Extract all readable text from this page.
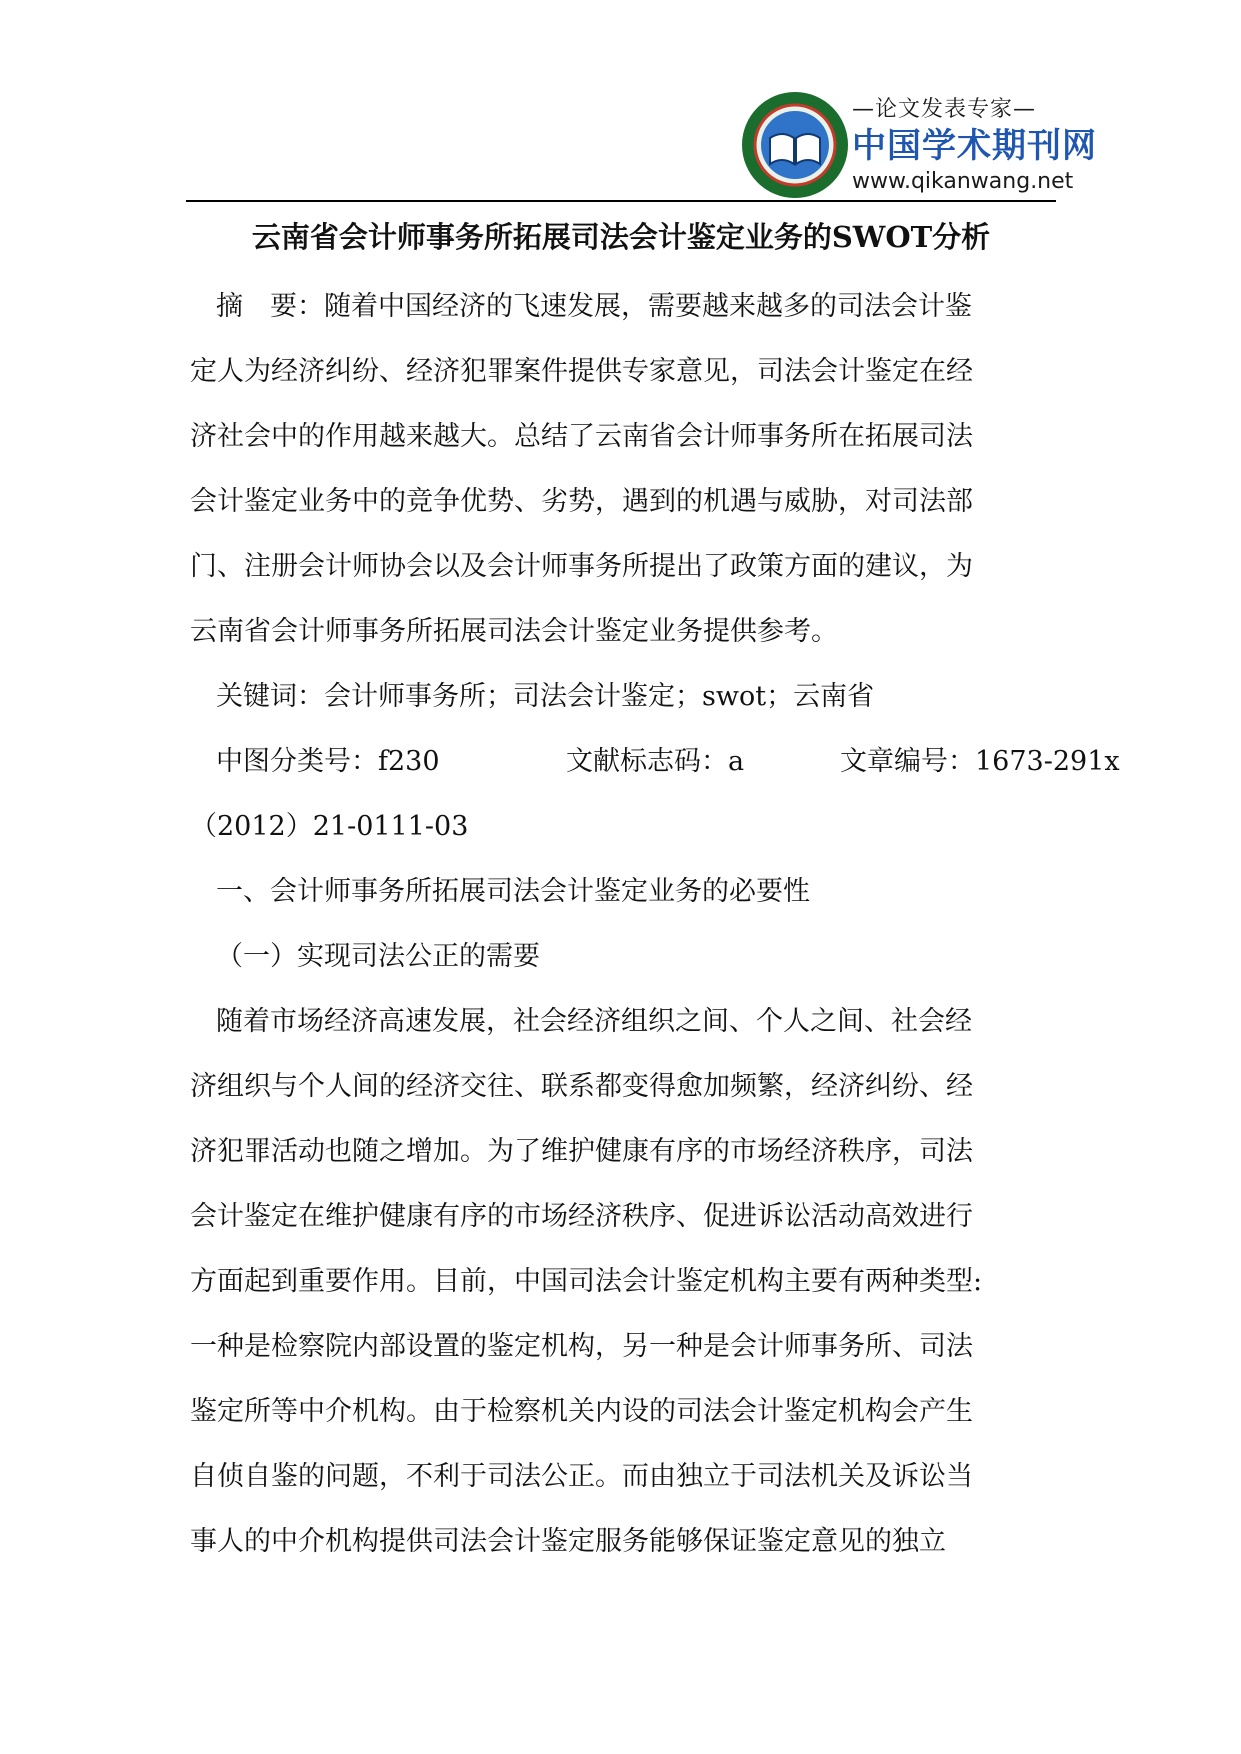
—论文发表专家—
中国学术期刊网
www.qikanwang.net
云南省会计师事务所拓展司法会计鉴定业务的SWOT分析
摘　要：随着中国经济的飞速发展，需要越来越多的司法会计鉴
定人为经济纠纷、经济犯罪案件提供专家意见，司法会计鉴定在经
济社会中的作用越来越大。总结了云南省会计师事务所在拓展司法
会计鉴定业务中的竞争优势、劣势，遇到的机遇与威胁，对司法部
门、注册会计师协会以及会计师事务所提出了政策方面的建议，为
云南省会计师事务所拓展司法会计鉴定业务提供参考。
关键词：会计师事务所；司法会计鉴定；swot；云南省
中图分类号：f230	文献标志码：a	文章编号：1673-291x
（2012）21-0111-03
一、会计师事务所拓展司法会计鉴定业务的必要性
（一）实现司法公正的需要
随着市场经济高速发展，社会经济组织之间、个人之间、社会经
济组织与个人间的经济交往、联系都变得愈加频繁，经济纠纷、经
济犯罪活动也随之增加。为了维护健康有序的市场经济秩序，司法
会计鉴定在维护健康有序的市场经济秩序、促进诉讼活动高效进行
方面起到重要作用。目前，中国司法会计鉴定机构主要有两种类型:
一种是检察院内部设置的鉴定机构，另一种是会计师事务所、司法
鉴定所等中介机构。由于检察机关内设的司法会计鉴定机构会产生
自侦自鉴的问题，不利于司法公正。而由独立于司法机关及诉讼当
事人的中介机构提供司法会计鉴定服务能够保证鉴定意见的独立
